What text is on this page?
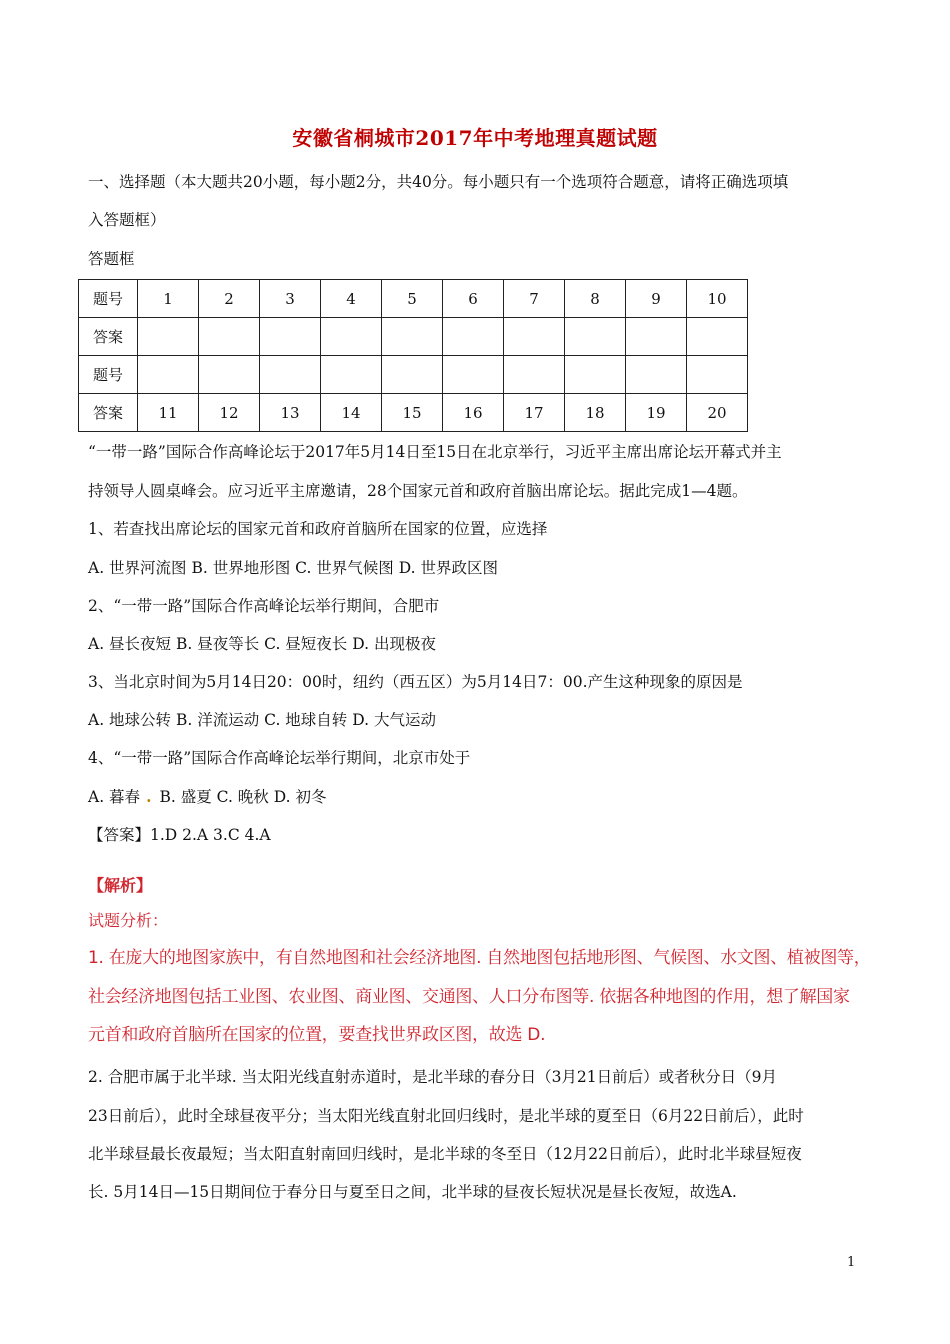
安徽省桐城市2017年中考地理真题试题
一、选择题（本大题共20小题，每小题2分，共40分。每小题只有一个选项符合题意，请将正确选项填
入答题框）
答题框
题号	1	2	3	4	5	6	7	8	9	10
答案										
题号										
答案	11	12	13	14	15	16	17	18	19	20
“一带一路”国际合作高峰论坛于2017年5月14日至15日在北京举行，习近平主席出席论坛开幕式并主
持领导人圆桌峰会。应习近平主席邀请，28个国家元首和政府首脑出席论坛。据此完成1—4题。
1、若查找出席论坛的国家元首和政府首脑所在国家的位置，应选择
A. 世界河流图 B. 世界地形图 C. 世界气候图 D. 世界政区图
2、“一带一路”国际合作高峰论坛举行期间，合肥市
A. 昼长夜短 B. 昼夜等长 C. 昼短夜长 D. 出现极夜
3、当北京时间为5月14日20：00时，纽约（西五区）为5月14日7：00.产生这种现象的原因是
A. 地球公转 B. 洋流运动 C. 地球自转 D. 大气运动
4、“一带一路”国际合作高峰论坛举行期间，北京市处于
A. 暮春 . B. 盛夏 C. 晚秋 D. 初冬
【答案】1.D 2.A 3.C 4.A
【解析】
试题分析：
1. 在庞大的地图家族中，有自然地图和社会经济地图. 自然地图包括地形图、气候图、水文图、植被图等，
社会经济地图包括工业图、农业图、商业图、交通图、人口分布图等. 依据各种地图的作用，想了解国家
元首和政府首脑所在国家的位置，要查找世界政区图，故选 D.
2. 合肥市属于北半球. 当太阳光线直射赤道时，是北半球的春分日（3月21日前后）或者秋分日（9月
23日前后），此时全球昼夜平分；当太阳光线直射北回归线时，是北半球的夏至日（6月22日前后），此时
北半球昼最长夜最短；当太阳直射南回归线时，是北半球的冬至日（12月22日前后），此时北半球昼短夜
长. 5月14日—15日期间位于春分日与夏至日之间，北半球的昼夜长短状况是昼长夜短，故选A.
1
